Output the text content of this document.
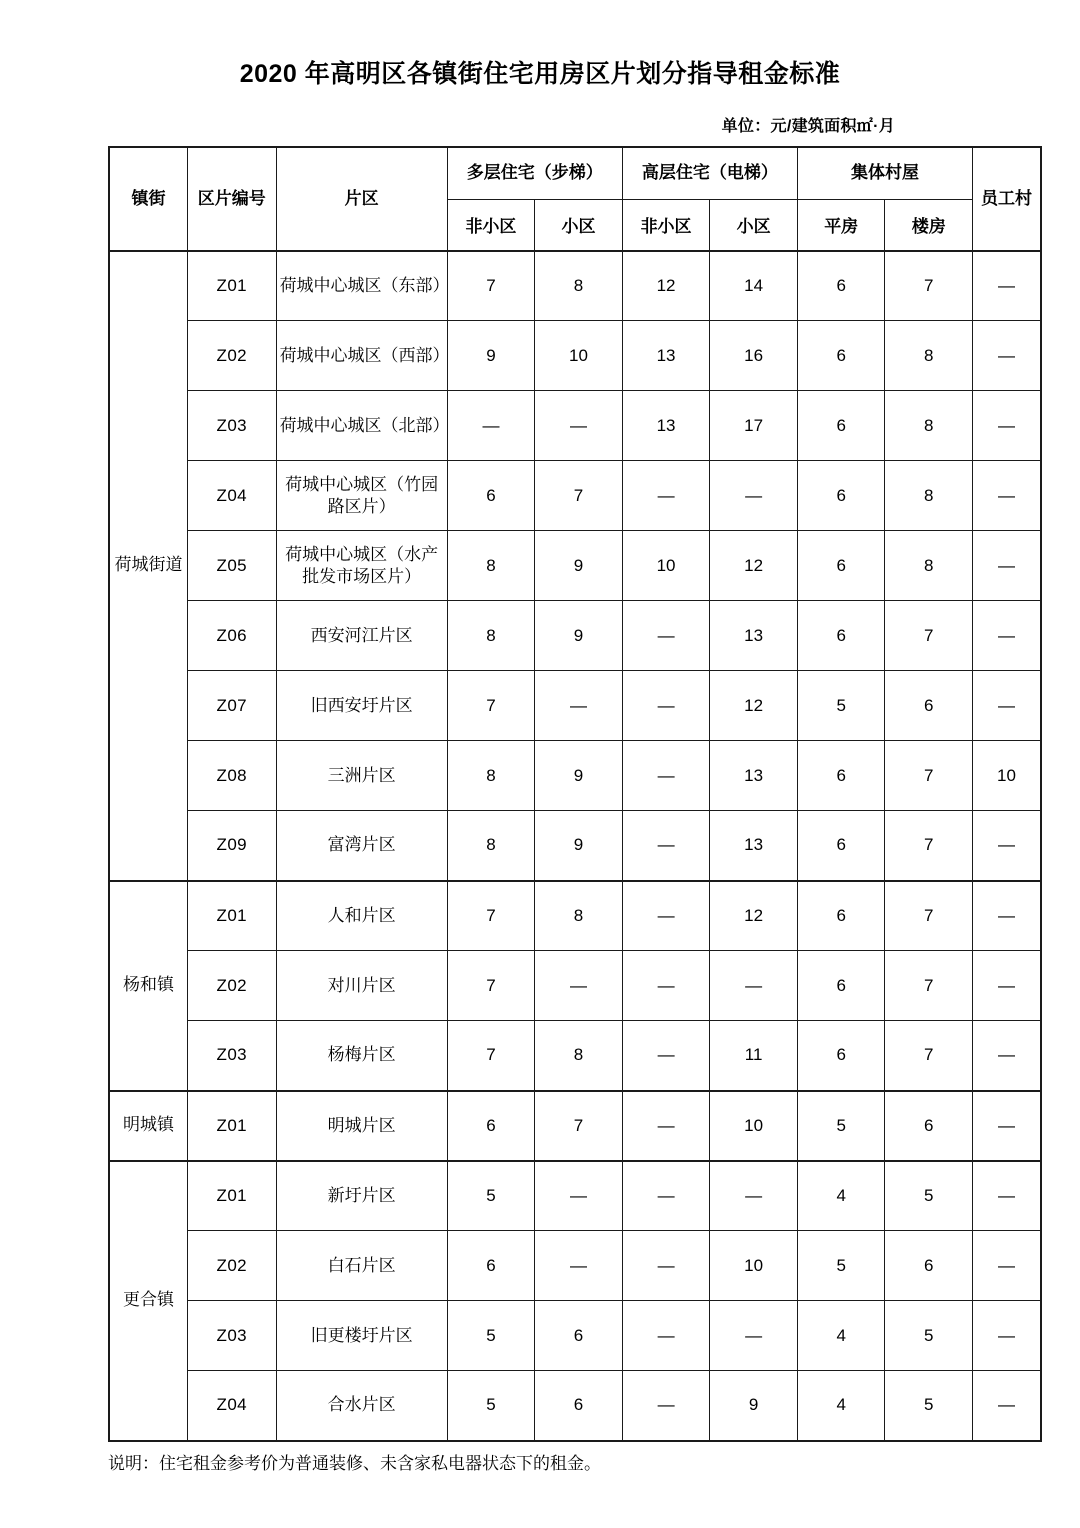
2020 年高明区各镇街住宅用房区片划分指导租金标准
单位：元/建筑面积㎡·月
镇街	区片编号	片区	多层住宅（步梯）		高层住宅（电梯）		集体村屋		员工村
			非小区	小区	非小区	小区	平房	楼房	
荷城街道	Z01	荷城中心城区（东部）	7	8	12	14	6	7	—
	Z02	荷城中心城区（西部）	9	10	13	16	6	8	—
	Z03	荷城中心城区（北部）	—	—	13	17	6	8	—
	Z04	荷城中心城区（竹园路区片）	6	7	—	—	6	8	—
	Z05	荷城中心城区（水产批发市场区片）	8	9	10	12	6	8	—
	Z06	西安河江片区	8	9	—	13	6	7	—
	Z07	旧西安圩片区	7	—	—	12	5	6	—
	Z08	三洲片区	8	9	—	13	6	7	10
	Z09	富湾片区	8	9	—	13	6	7	—
杨和镇	Z01	人和片区	7	8	—	12	6	7	—
	Z02	对川片区	7	—	—	—	6	7	—
	Z03	杨梅片区	7	8	—	11	6	7	—
明城镇	Z01	明城片区	6	7	—	10	5	6	—
更合镇	Z01	新圩片区	5	—	—	—	4	5	—
	Z02	白石片区	6	—	—	10	5	6	—
	Z03	旧更楼圩片区	5	6	—	—	4	5	—
	Z04	合水片区	5	6	—	9	4	5	—
说明：住宅租金参考价为普通装修、未含家私电器状态下的租金。
